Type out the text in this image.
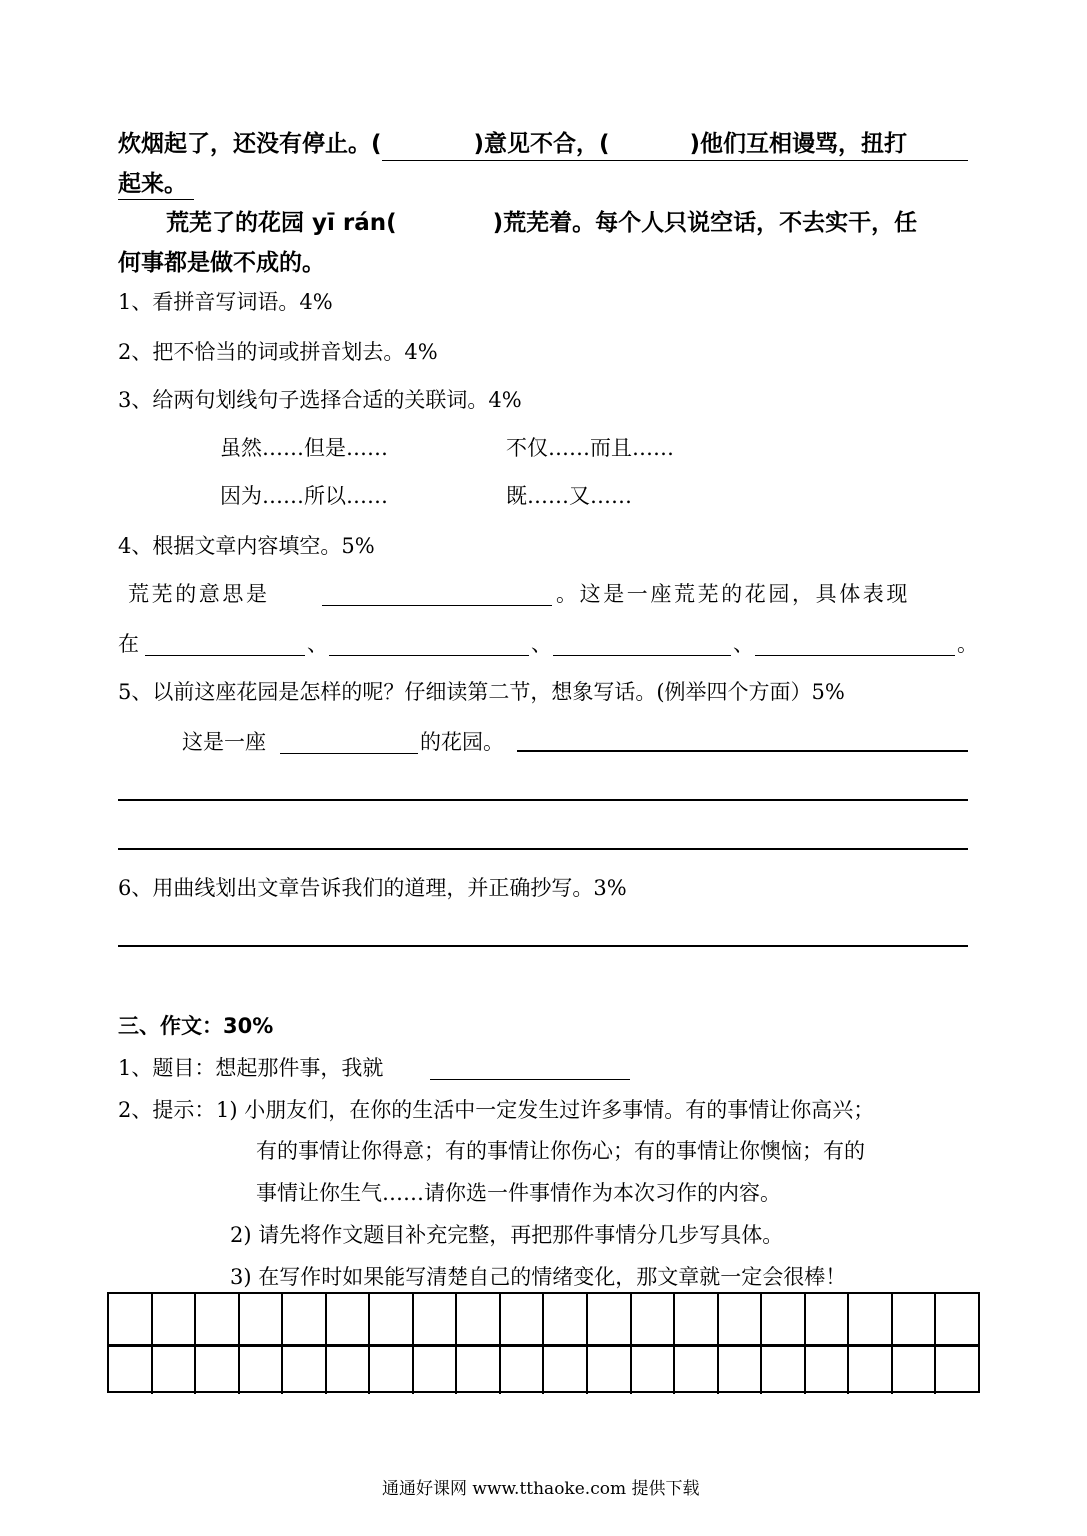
炊烟起了，还没有停止。(	)意见不合，(	)他们互相谩骂，扭打
起来。
荒芜了的花园 yī rán(	)荒芜着。每个人只说空话，不去实干，任
何事都是做不成的。
1、看拼音写词语。4%
2、把不恰当的词或拼音划去。4%
3、给两句划线句子选择合适的关联词。4%
虽然……但是……	不仅……而且……
因为……所以……	既……又……
4、根据文章内容填空。5%
荒芜的意思是	。这是一座荒芜的花园，具体表现
在	、	、	、	。
5、以前这座花园是怎样的呢？仔细读第二节，想象写话。(例举四个方面）5%
这是一座	的花园。
6、用曲线划出文章告诉我们的道理，并正确抄写。3%
三、作文：30%
1、题目：想起那件事，我就
2、提示： 1) 小朋友们，在你的生活中一定发生过许多事情。有的事情让你高兴；
有的事情让你得意；有的事情让你伤心；有的事情让你懊恼；有的
事情让你生气……请你选一件事情作为本次习作的内容。
2) 请先将作文题目补充完整，再把那件事情分几步写具体。
3) 在写作时如果能写清楚自己的情绪变化，那文章就一定会很棒！
通通好课网 www.tthaoke.com 提供下载
